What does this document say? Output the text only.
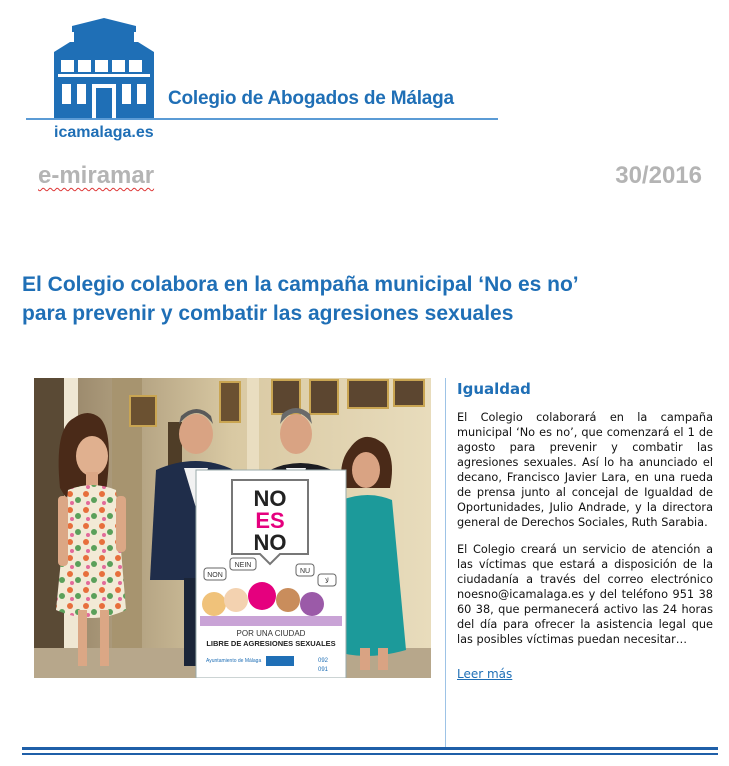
Colegio de Abogados de Málaga
icamalaga.es
e-miramar	30/2016
El Colegio colabora en la campaña municipal ‘No es no’
para prevenir y combatir las agresiones sexuales
NO
ES
NO
NON
NEIN
NU
لا
POR UNA CIUDAD
LIBRE DE AGRESIONES SEXUALES
Ayuntamiento de Málaga	092
091
Igualdad

El Colegio colaborará en la campaña municipal ‘No es no’, que comenzará el 1 de agosto para prevenir y combatir las agresiones sexuales. Así lo ha anunciado el decano, Francisco Javier Lara, en una rueda de prensa junto al concejal de Igualdad de Oportunidades, Julio Andrade, y la directora general de Derechos Sociales, Ruth Sarabia.

El Colegio creará un servicio de atención a las víctimas que estará a disposición de la ciudadanía a través del correo electrónico noesno@icamalaga.es y del teléfono 951 38 60 38, que permanecerá activo las 24 horas del día para ofrecer la asistencia legal que las posibles víctimas puedan necesitar…

Leer más
